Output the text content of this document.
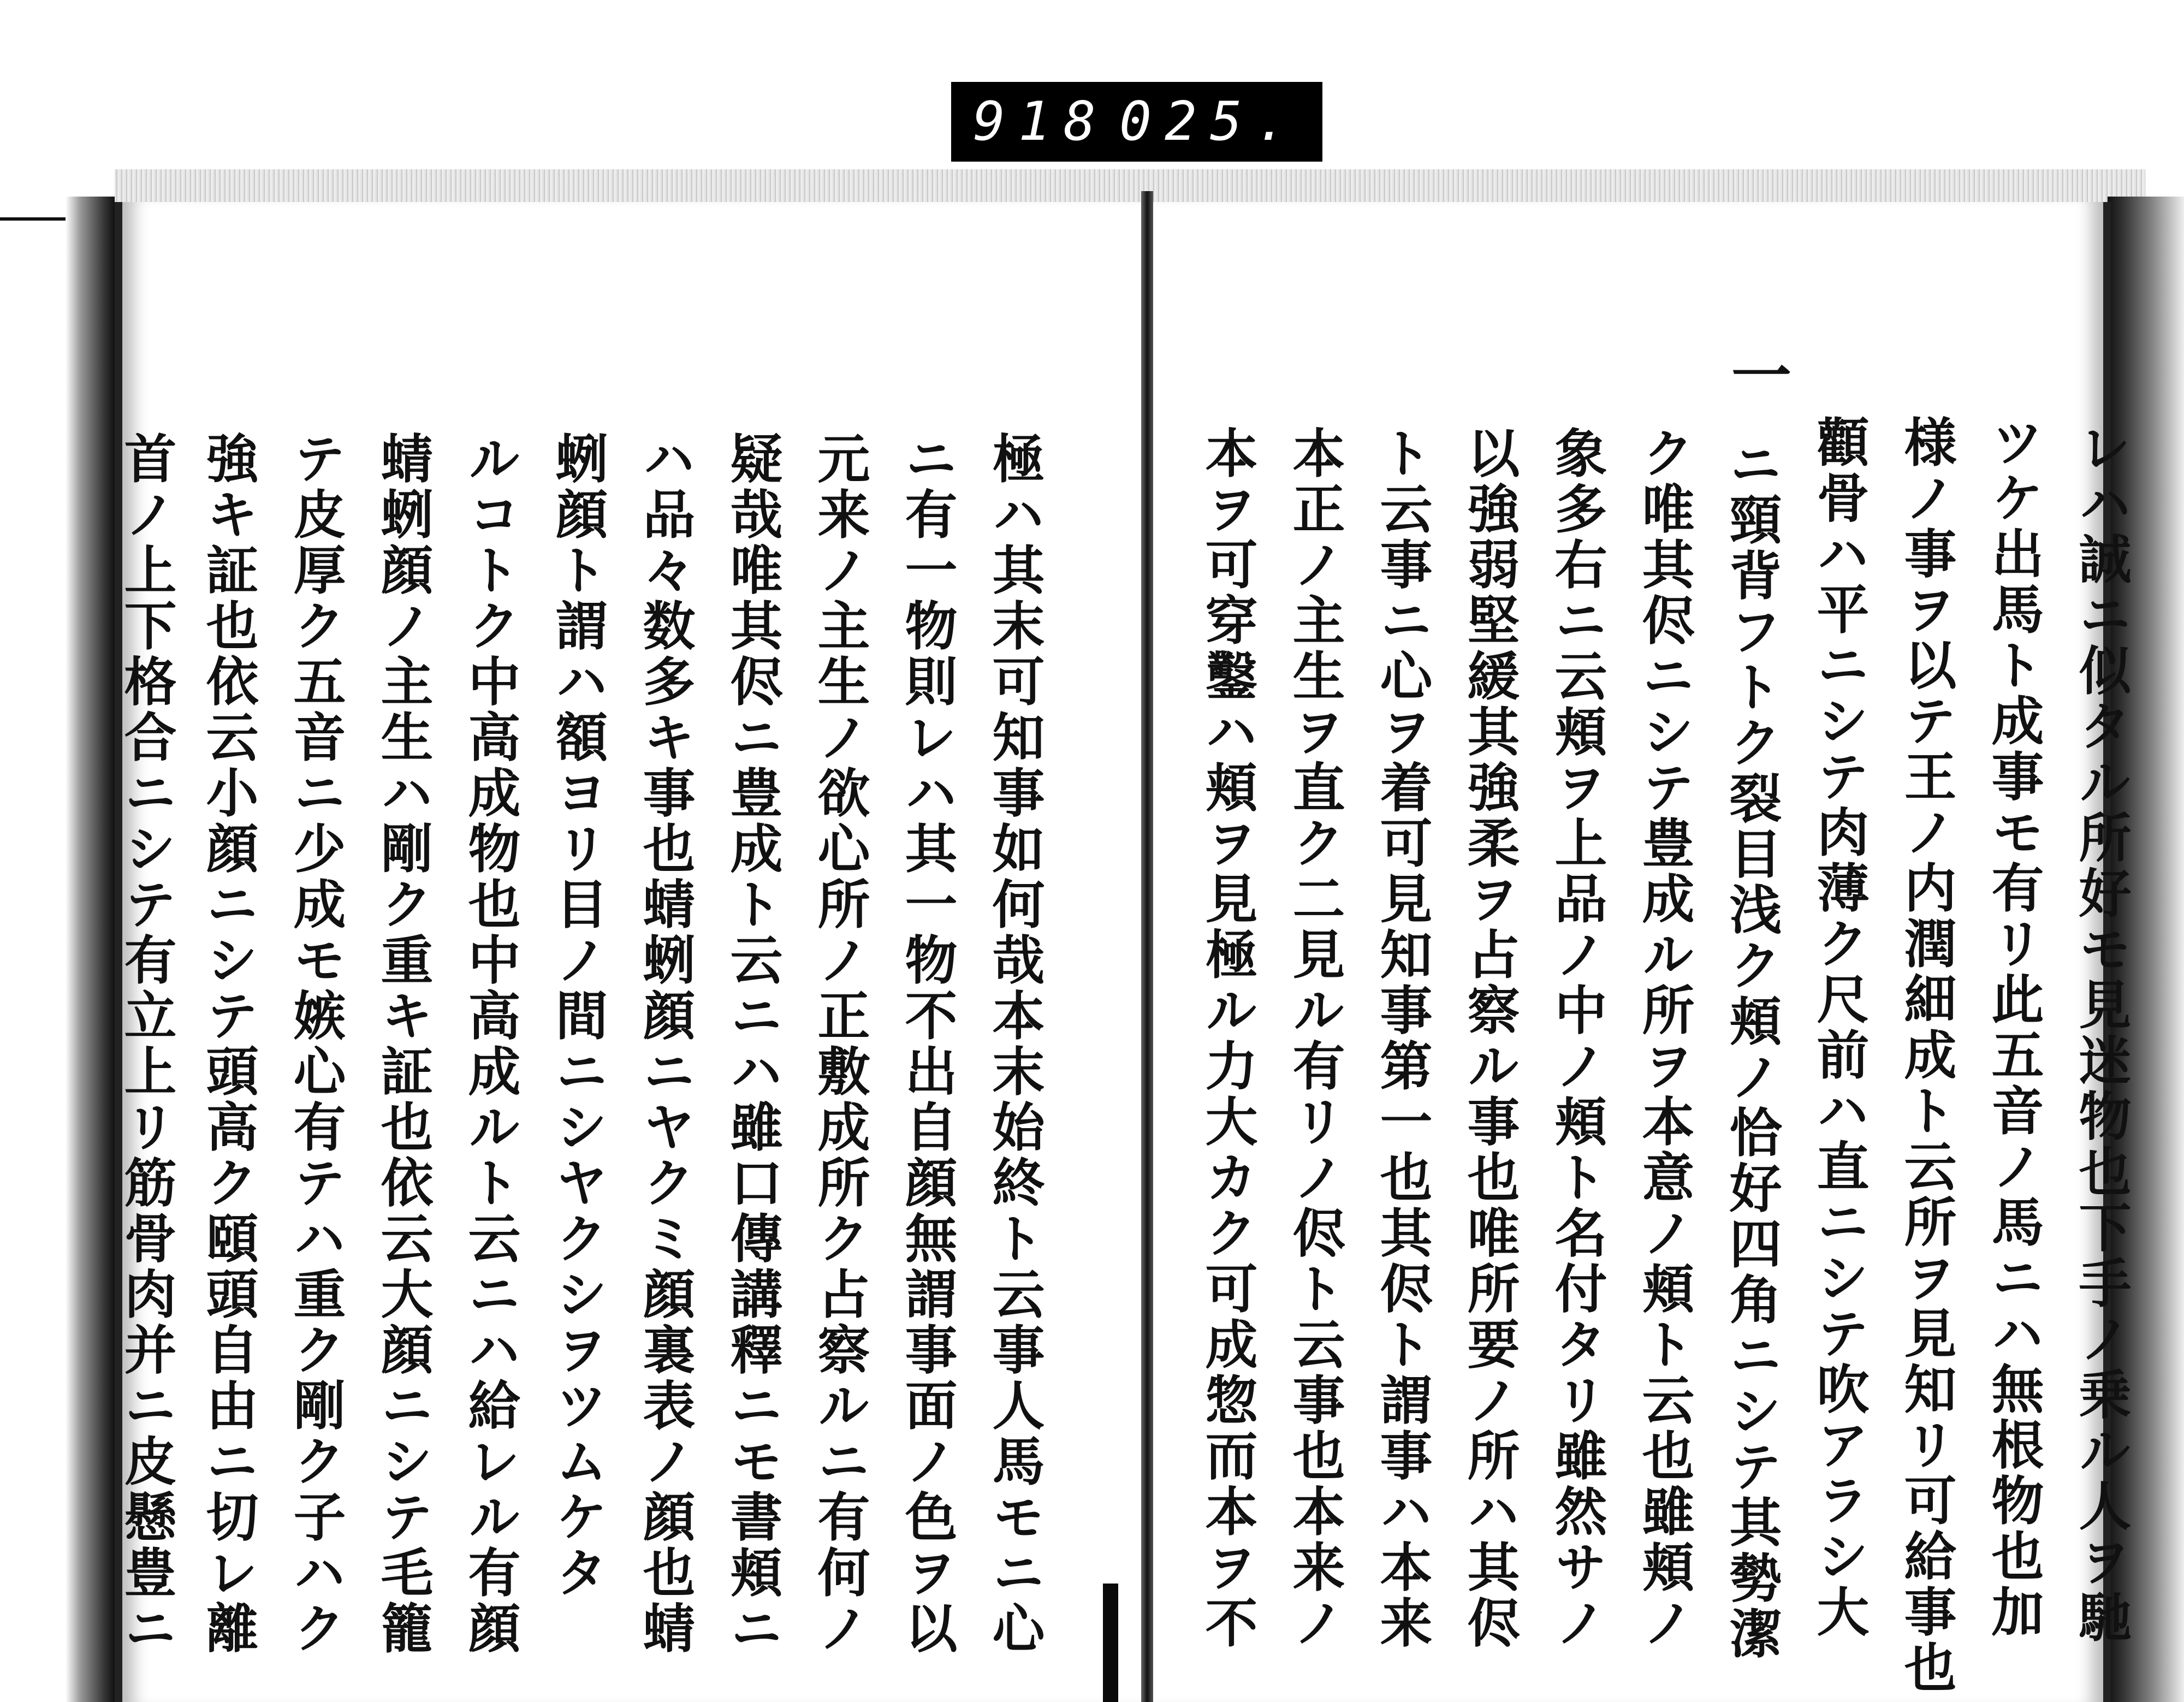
918 025.
レハ誠ニ似タル所好モ見迷物也下手ノ乗ル人ヲ馳
ツケ出馬ト成事モ有リ此五音ノ馬ニハ無根物也加
様ノ事ヲ以テ王ノ内潤細成ト云所ヲ見知リ可給事也
顴骨ハ平ニシテ肉薄ク尺前ハ直ニシテ吹アラシ大
一
ニ頸背フトク裂目浅ク頬ノ恰好四角ニシテ其勢潔
ク唯其侭ニシテ豊成ル所ヲ本意ノ頬ト云也雖頬ノ
象多右ニ云頬ヲ上品ノ中ノ頬ト名付タリ雖然サノ
以強弱堅緩其強柔ヲ占察ル事也唯所要ノ所ハ其侭
ト云事ニ心ヲ着可見知事第一也其侭ト謂事ハ本来
本正ノ主生ヲ直ク二見ル有リノ侭ト云事也本来ノ
本ヲ可穿鑿ハ頬ヲ見極ル力大カク可成惣而本ヲ不
極ハ其末可知事如何哉本末始終ト云事人馬モニ心
ニ有一物則レハ其一物不出自顔無謂事面ノ色ヲ以
元来ノ主生ノ欲心所ノ正敷成所ク占察ルニ有何ノ
疑哉唯其侭ニ豊成ト云ニハ雖口傳講釋ニモ書頬ニ
ハ品々数多キ事也蜻蛚顔ニヤクミ顔裏表ノ顔也蜻
蛚顔ト謂ハ額ヨリ目ノ間ニシヤクシヲツムケタ
ルコトク中高成物也中高成ルト云ニハ給レル有顔
蜻蛚顔ノ主生ハ剛ク重キ証也依云大顔ニシテ毛籠
テ皮厚ク五音ニ少成モ嫉心有テハ重ク剛ク子ハク
強キ証也依云小顔ニシテ頭高ク頤頭自由ニ切レ離
首ノ上下格合ニシテ有立上リ筋骨肉并ニ皮懸豊ニ
